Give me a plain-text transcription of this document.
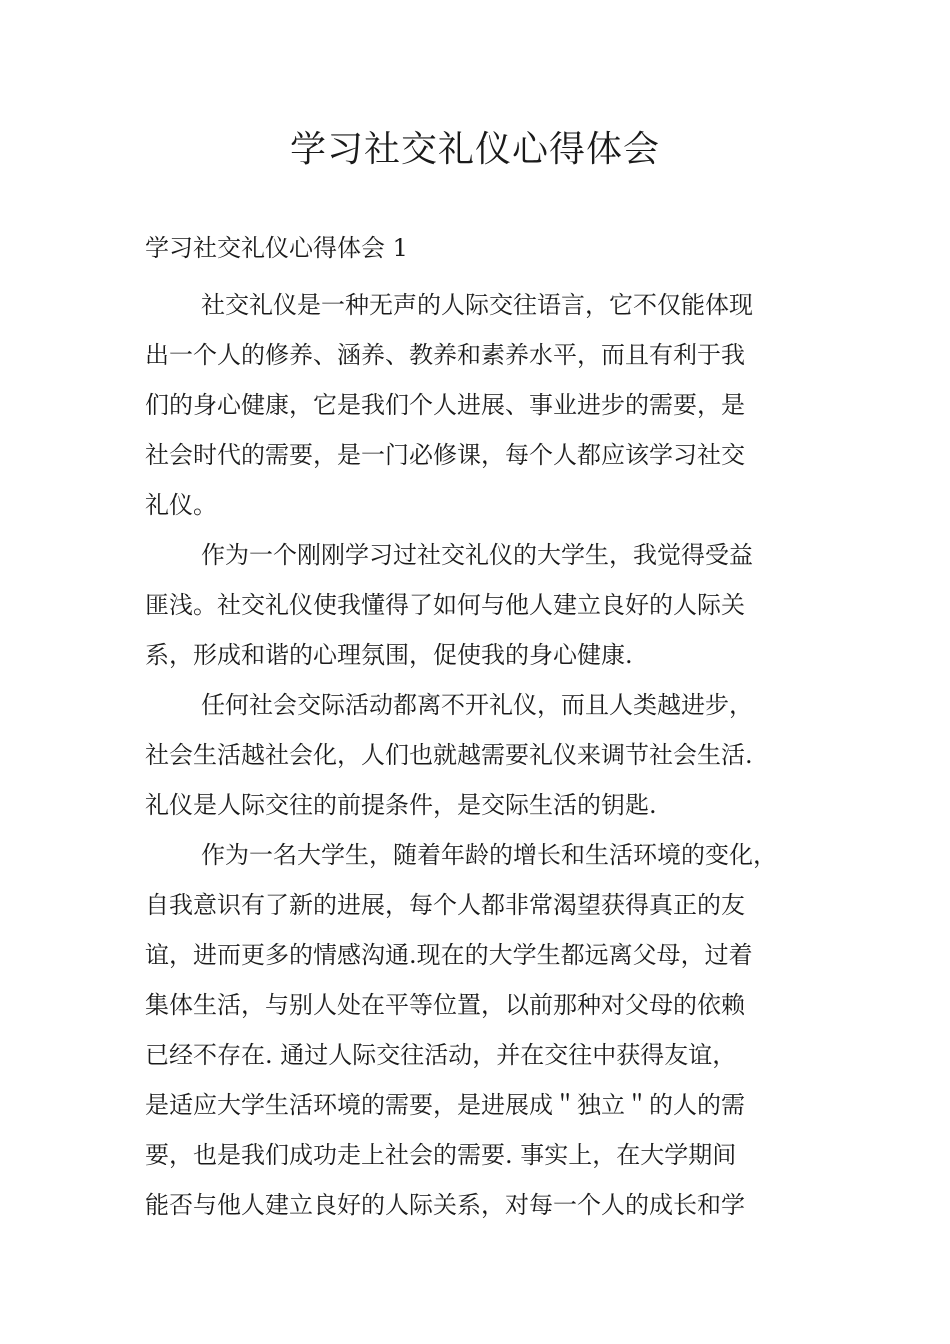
学习社交礼仪心得体会
学习社交礼仪心得体会 1
社交礼仪是一种无声的人际交往语言，它不仅能体现
出一个人的修养、涵养、教养和素养水平，而且有利于我
们的身心健康，它是我们个人进展、事业进步的需要，是
社会时代的需要，是一门必修课，每个人都应该学习社交
礼仪。
作为一个刚刚学习过社交礼仪的大学生，我觉得受益
匪浅。社交礼仪使我懂得了如何与他人建立良好的人际关
系，形成和谐的心理氛围，促使我的身心健康.
任何社会交际活动都离不开礼仪，而且人类越进步，
社会生活越社会化，人们也就越需要礼仪来调节社会生活.
礼仪是人际交往的前提条件，是交际生活的钥匙.
作为一名大学生，随着年龄的增长和生活环境的变化，
自我意识有了新的进展，每个人都非常渴望获得真正的友
谊，进而更多的情感沟通.现在的大学生都远离父母，过着
集体生活，与别人处在平等位置，以前那种对父母的依赖
已经不存在. 通过人际交往活动，并在交往中获得友谊，
是适应大学生活环境的需要，是进展成＂独立＂的人的需
要，也是我们成功走上社会的需要. 事实上，在大学期间
能否与他人建立良好的人际关系，对每一个人的成长和学
